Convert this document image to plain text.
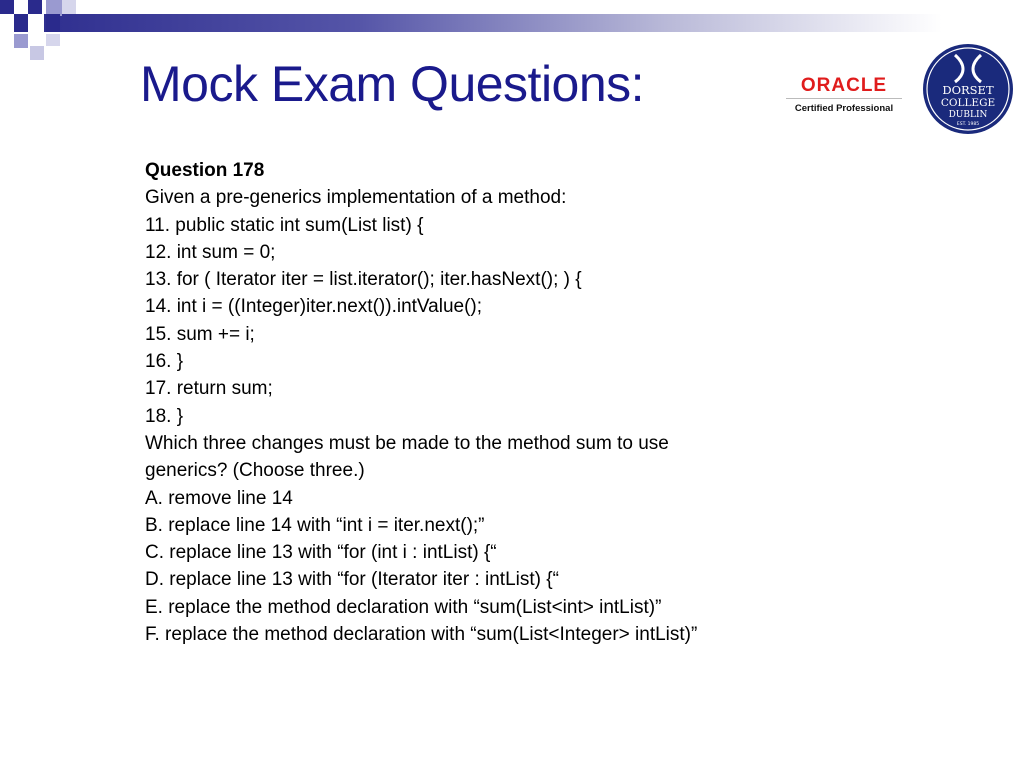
Mock Exam Questions:	ORACLE
Certified Professional
DORSET
COLLEGE
DUBLIN
EST. 1985
Question 178
Given a pre-generics implementation of a method:
11. public static int sum(List list) {
12. int sum = 0;
13. for ( Iterator iter = list.iterator(); iter.hasNext(); ) {
14. int i = ((Integer)iter.next()).intValue();
15. sum += i;
16. }
17. return sum;
18. }
Which three changes must be made to the method sum to use
generics? (Choose three.)
A. remove line 14
B. replace line 14 with “int i = iter.next();”
C. replace line 13 with “for (int i : intList) {“
D. replace line 13 with “for (Iterator iter : intList) {“
E. replace the method declaration with “sum(List<int> intList)”
F. replace the method declaration with “sum(List<Integer> intList)”
